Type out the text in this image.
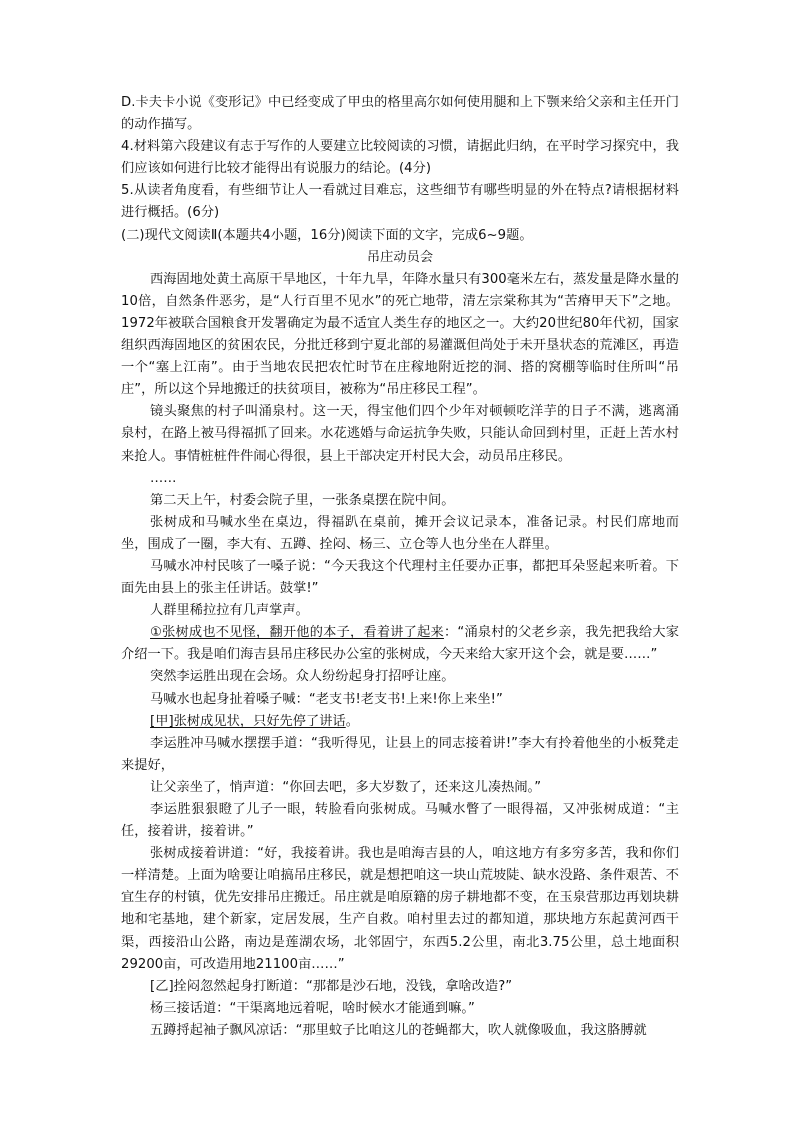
D.卡夫卡小说《变形记》中已经变成了甲虫的格里高尔如何使用腿和上下颚来给父亲和主任开门的动作描写。

4.材料第六段建议有志于写作的人要建立比较阅读的习惯，请据此归纳，在平时学习探究中，我们应该如何进行比较才能得出有说服力的结论。(4分)

5.从读者角度看，有些细节让人一看就过目难忘，这些细节有哪些明显的外在特点?请根据材料进行概括。(6分)

(二)现代文阅读Ⅱ(本题共4小题，16分)阅读下面的文字，完成6~9题。

吊庄动员会

西海固地处黄土高原干旱地区，十年九旱，年降水量只有300毫米左右，蒸发量是降水量的10倍，自然条件恶劣，是“人行百里不见水”的死亡地带，清左宗棠称其为“苦瘠甲天下”之地。1972年被联合国粮食开发署确定为最不适宜人类生存的地区之一。大约20世纪80年代初，国家组织西海固地区的贫困农民，分批迁移到宁夏北部的易灌溉但尚处于未开垦状态的荒滩区，再造一个“塞上江南”。由于当地农民把农忙时节在庄稼地附近挖的洞、搭的窝棚等临时住所叫“吊庄”，所以这个异地搬迁的扶贫项目，被称为“吊庄移民工程”。

镜头聚焦的村子叫涌泉村。这一天，得宝他们四个少年对顿顿吃洋芋的日子不满，逃离涌泉村，在路上被马得福抓了回来。水花逃婚与命运抗争失败，只能认命回到村里，正赶上苦水村来抢人。事情桩桩件件闹心得很，县上干部决定开村民大会，动员吊庄移民。

……

第二天上午，村委会院子里，一张条桌摆在院中间。

张树成和马喊水坐在桌边，得福趴在桌前，摊开会议记录本，准备记录。村民们席地而坐，围成了一圈，李大有、五蹲、拴闷、杨三、立仓等人也分坐在人群里。

马喊水冲村民咳了一嗓子说：“今天我这个代理村主任要办正事，都把耳朵竖起来听着。下面先由县上的张主任讲话。鼓掌!”

人群里稀拉拉有几声掌声。

①张树成也不见怪，翻开他的本子，看着讲了起来：“涌泉村的父老乡亲，我先把我给大家介绍一下。我是咱们海吉县吊庄移民办公室的张树成，今天来给大家开这个会，就是要……”

突然李运胜出现在会场。众人纷纷起身打招呼让座。

马喊水也起身扯着嗓子喊：“老支书!老支书!上来!你上来坐!”

[甲]张树成见状，只好先停了讲话。

李运胜冲马喊水摆摆手道：“我听得见，让县上的同志接着讲!”李大有拎着他坐的小板凳走来提好，

让父亲坐了，悄声道：“你回去吧，多大岁数了，还来这儿凑热闹。”

李运胜狠狠瞪了儿子一眼，转脸看向张树成。马喊水瞥了一眼得福，又冲张树成道：“主任，接着讲，接着讲。”

张树成接着讲道：“好，我接着讲。我也是咱海吉县的人，咱这地方有多穷多苦，我和你们一样清楚。上面为啥要让咱搞吊庄移民，就是想把咱这一块山荒坡陡、缺水没路、条件艰苦、不宜生存的村镇，优先安排吊庄搬迁。吊庄就是咱原籍的房子耕地都不变，在玉泉营那边再划块耕地和宅基地，建个新家，定居发展，生产自救。咱村里去过的都知道，那块地方东起黄河西干渠，西接沿山公路，南边是莲湖农场，北邻固宁，东西5.2公里，南北3.75公里，总土地面积29200亩，可改造用地21100亩……”

[乙]拴闷忽然起身打断道：“那都是沙石地，没钱，拿啥改造?”

杨三接话道：“干渠离地远着呢，啥时候水才能通到嘛。”

五蹲捋起袖子飘风凉话：“那里蚊子比咱这儿的苍蝇都大，吹人就像吸血，我这胳膊就
